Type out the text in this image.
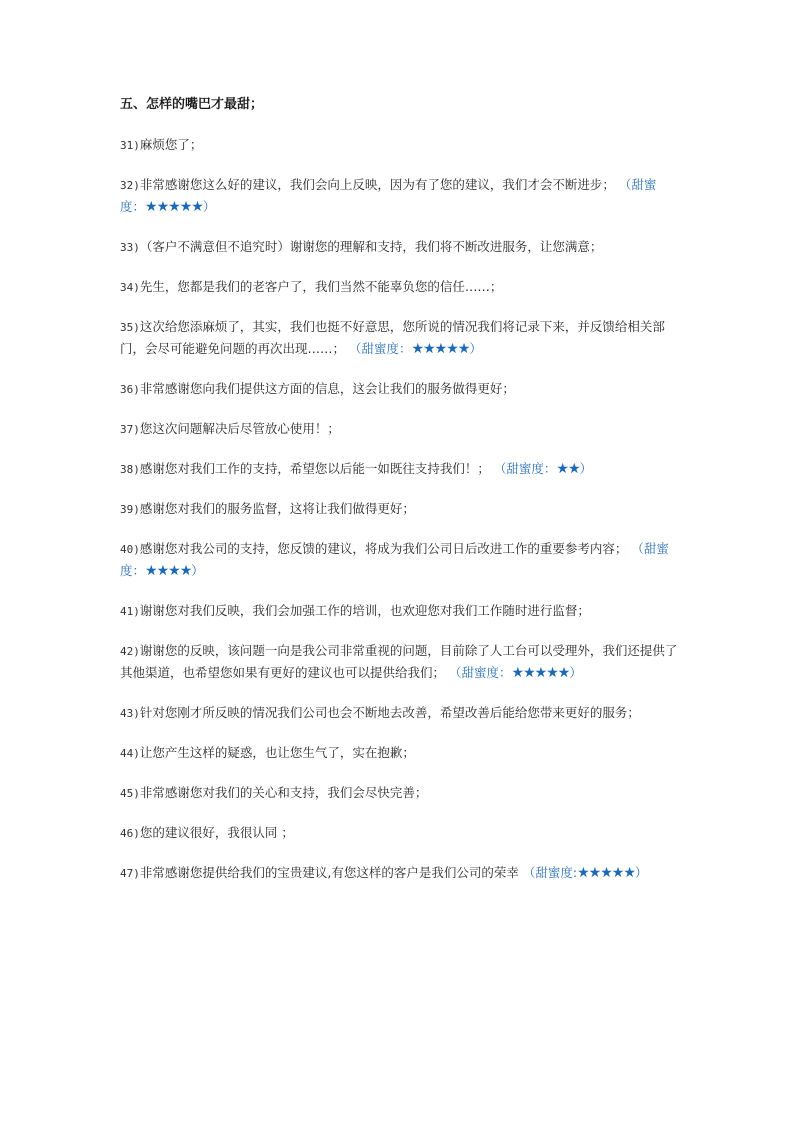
五、怎样的嘴巴才最甜；
31)麻烦您了；
32)非常感谢您这么好的建议，我们会向上反映，因为有了您的建议，我们才会不断进步； （甜蜜度：★★★★★）
33)（客户不满意但不追究时）谢谢您的理解和支持，我们将不断改进服务，让您满意；
34)先生，您都是我们的老客户了，我们当然不能辜负您的信任……；
35)这次给您添麻烦了，其实，我们也挺不好意思，您所说的情况我们将记录下来，并反馈给相关部门，会尽可能避免问题的再次出现……； （甜蜜度：★★★★★）
36)非常感谢您向我们提供这方面的信息，这会让我们的服务做得更好；
37)您这次问题解决后尽管放心使用！；
38)感谢您对我们工作的支持，希望您以后能一如既往支持我们！； （甜蜜度：★★）
39)感谢您对我们的服务监督，这将让我们做得更好；
40)感谢您对我公司的支持，您反馈的建议，将成为我们公司日后改进工作的重要参考内容； （甜蜜度：★★★★）
41)谢谢您对我们反映，我们会加强工作的培训，也欢迎您对我们工作随时进行监督；
42)谢谢您的反映，该问题一向是我公司非常重视的问题，目前除了人工台可以受理外，我们还提供了其他渠道，也希望您如果有更好的建议也可以提供给我们； （甜蜜度：★★★★★）
43)针对您刚才所反映的情况我们公司也会不断地去改善，希望改善后能给您带来更好的服务；
44)让您产生这样的疑惑，也让您生气了，实在抱歉；
45)非常感谢您对我们的关心和支持，我们会尽快完善；
46)您的建议很好，我很认同 ；
47)非常感谢您提供给我们的宝贵建议,有您这样的客户是我们公司的荣幸 （甜蜜度:★★★★★）
